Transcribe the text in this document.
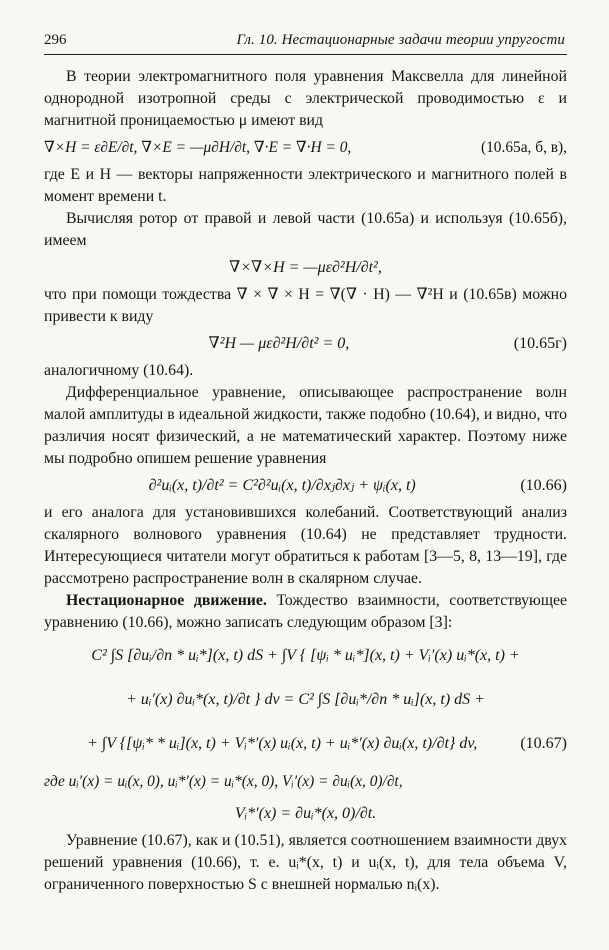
296	Гл. 10. Нестационарные задачи теории упругости

В теории электромагнитного поля уравнения Максвелла для линейной однородной изотропной среды с электрической проводимостью ε и магнитной проницаемостью μ имеют вид

∇×H = ε∂E/∂t, ∇×E = —μ∂H/∂t, ∇·E = ∇·H = 0,	(10.65а, б, в),

где E и H — векторы напряженности электрического и магнитного полей в момент времени t.

Вычисляя ротор от правой и левой части (10.65а) и используя (10.65б), имеем

∇×∇×H = —με∂²H/∂t²,

что при помощи тождества ∇ × ∇ × H = ∇(∇ · H) — ∇²H и (10.65в) можно привести к виду

∇²H — με∂²H/∂t² = 0,	(10.65г)

аналогичному (10.64).

Дифференциальное уравнение, описывающее распространение волн малой амплитуды в идеальной жидкости, также подобно (10.64), и видно, что различия носят физический, а не математический характер. Поэтому ниже мы подробно опишем решение уравнения

∂²uᵢ(x, t)/∂t² = C²∂²uᵢ(x, t)/∂xⱼ∂xⱼ + ψᵢ(x, t)	(10.66)

и его аналога для установившихся колебаний. Соответствующий анализ скалярного волнового уравнения (10.64) не представляет трудности. Интересующиеся читатели могут обратиться к работам [3—5, 8, 13—19], где рассмотрено распространение волн в скалярном случае.

Нестационарное движение. Тождество взаимности, соответствующее уравнению (10.66), можно записать следующим образом [3]:

C² ∫S [∂uᵢ/∂n * uᵢ*](x, t) dS + ∫V { [ψᵢ * uᵢ*](x, t) + Vᵢ′(x) uᵢ*(x, t) +
+ uᵢ′(x) ∂uᵢ*(x, t)/∂t } dv = C² ∫S [∂uᵢ*/∂n * uᵢ](x, t) dS +
+ ∫V {[ψᵢ* * uᵢ](x, t) + Vᵢ*′(x) uᵢ(x, t) + uᵢ*′(x) ∂uᵢ(x, t)/∂t} dv,	(10.67)
где uᵢ′(x) = uᵢ(x, 0), uᵢ*′(x) = uᵢ*(x, 0), Vᵢ′(x) = ∂uᵢ(x, 0)/∂t,
Vᵢ*′(x) = ∂uᵢ*(x, 0)/∂t.

Уравнение (10.67), как и (10.51), является соотношением взаимности двух решений уравнения (10.66), т. е. uᵢ*(x, t) и uᵢ(x, t), для тела объема V, ограниченного поверхностью S с внешней нормалью nᵢ(x).
